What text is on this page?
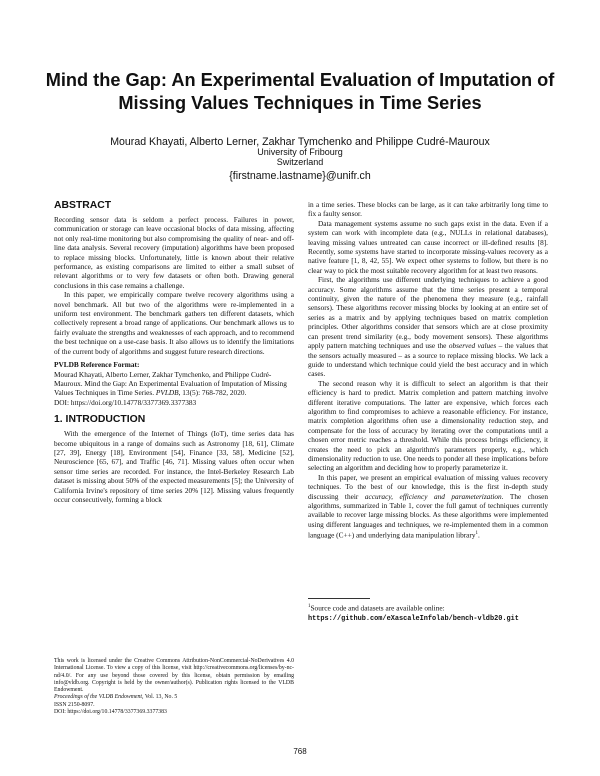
Mind the Gap: An Experimental Evaluation of Imputation of Missing Values Techniques in Time Series
Mourad Khayati, Alberto Lerner, Zakhar Tymchenko and Philippe Cudré-Mauroux
University of Fribourg
Switzerland
{firstname.lastname}@unifr.ch
ABSTRACT

Recording sensor data is seldom a perfect process. Failures in power, communication or storage can leave occasional blocks of data missing, affecting not only real-time monitoring but also compromising the quality of near- and off-line data analysis. Several recovery (imputation) algorithms have been proposed to replace missing blocks. Unfortunately, little is known about their relative performance, as existing comparisons are limited to either a small subset of relevant algorithms or to very few datasets or often both. Drawing general conclusions in this case remains a challenge.

In this paper, we empirically compare twelve recovery algorithms using a novel benchmark. All but two of the algorithms were re-implemented in a uniform test environment. The benchmark gathers ten different datasets, which collectively represent a broad range of applications. Our benchmark allows us to fairly evaluate the strengths and weaknesses of each approach, and to recommend the best technique on a use-case basis. It also allows us to identify the limitations of the current body of algorithms and suggest future research directions.

PVLDB Reference Format:
Mourad Khayati, Alberto Lerner, Zakhar Tymchenko, and Philippe Cudré-Mauroux. Mind the Gap: An Experimental Evaluation of Imputation of Missing Values Techniques in Time Series. PVLDB, 13(5): 768-782, 2020.
DOI: https://doi.org/10.14778/3377369.3377383
1. INTRODUCTION

With the emergence of the Internet of Things (IoT), time series data has become ubiquitous in a range of domains such as Astronomy [18, 61], Climate [27, 39], Energy [18], Environment [54], Finance [33, 58], Medicine [52], Neuroscience [65, 67], and Traffic [46, 71]. Missing values often occur when sensor time series are recorded. For instance, the Intel-Berkeley Research Lab dataset is missing about 50% of the expected measurements [5]; the University of California Irvine's repository of time series 20% [12]. Missing values frequently occur consecutively, forming a block

This work is licensed under the Creative Commons Attribution-NonCommercial-NoDerivatives 4.0 International License. To view a copy of this license, visit http://creativecommons.org/licenses/by-nc-nd/4.0/. For any use beyond those covered by this license, obtain permission by emailing info@vldb.org. Copyright is held by the owner/author(s). Publication rights licensed to the VLDB Endowment.
Proceedings of the VLDB Endowment, Vol. 13, No. 5
ISSN 2150-8097.
DOI: https://doi.org/10.14778/3377369.3377383

in a time series. These blocks can be large, as it can take arbitrarily long time to fix a faulty sensor.

Data management systems assume no such gaps exist in the data. Even if a system can work with incomplete data (e.g., NULLs in relational databases), leaving missing values untreated can cause incorrect or ill-defined results [8]. Recently, some systems have started to incorporate missing-values recovery as a native feature [1, 8, 42, 55]. We expect other systems to follow, but there is no clear way to pick the most suitable recovery algorithm for at least two reasons.

First, the algorithms use different underlying techniques to achieve a good accuracy. Some algorithms assume that the time series present a temporal continuity, given the nature of the phenomena they measure (e.g., rainfall sensors). These algorithms recover missing blocks by looking at an entire set of series as a matrix and by applying techniques based on matrix completion principles. Other algorithms consider that sensors which are at close proximity can present trend similarity (e.g., body movement sensors). These algorithms apply pattern matching techniques and use the observed values – the values that the sensors actually measured – as a source to replace missing blocks. We lack a guide to understand which technique could yield the best accuracy and in which cases.

The second reason why it is difficult to select an algorithm is that their efficiency is hard to predict. Matrix completion and pattern matching involve different iterative computations. The latter are expensive, which forces each algorithm to find compromises to achieve a reasonable efficiency. For instance, matrix completion algorithms often use a dimensionality reduction step, and compensate for the loss of accuracy by iterating over the computations until a chosen error metric reaches a threshold. While this process brings efficiency, it creates the need to pick an algorithm's parameters properly, e.g., which dimensionality reduction to use. One needs to ponder all these implications before selecting an algorithm and deciding how to properly parameterize it.

In this paper, we present an empirical evaluation of missing values recovery techniques. To the best of our knowledge, this is the first in-depth study discussing their accuracy, efficiency and parameterization. The chosen algorithms, summarized in Table 1, cover the full gamut of techniques currently available to recover large missing blocks. As these algorithms were implemented using different languages and techniques, we re-implemented them in a common language (C++) and underlying data manipulation library$^1$.

$^1$Source code and datasets are available online: https://github.com/eXascaleInfolab/bench-vldb20.git
768
